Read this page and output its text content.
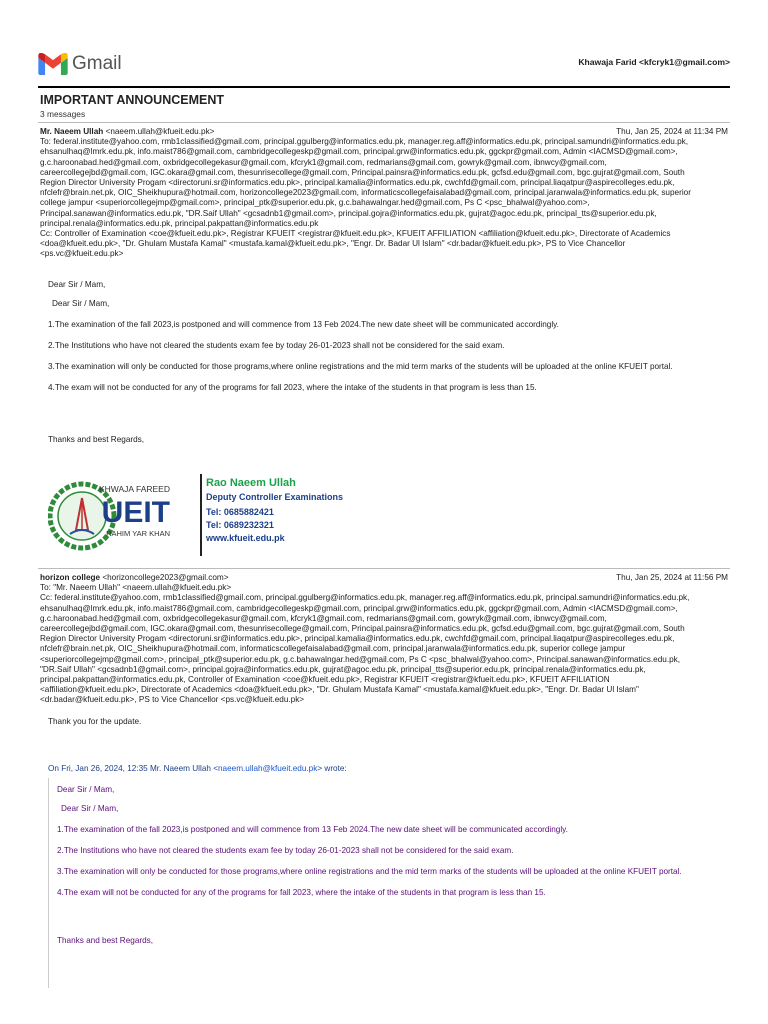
Gmail	Khawaja Farid <kfcryk1@gmail.com>
IMPORTANT ANNOUNCEMENT
3 messages
Mr. Naeem Ullah <naeem.ullah@kfueit.edu.pk>	Thu, Jan 25, 2024 at 11:34 PM
To: federal.institute@yahoo.com, rmb1classified@gmail.com, principal.ggulberg@informatics.edu.pk, manager.reg.aff@informatics.edu.pk, principal.samundri@informatics.edu.pk,
ehsanulhaq@lmrk.edu.pk, info.maist786@gmail.com, cambridgecollegeskp@gmail.com, principal.grw@informatics.edu.pk, ggckpr@gmail.com, Admin <IACMSD@gmail.com>,
g.c.haroonabad.hed@gmail.com, oxbridgecollegekasur@gmail.com, kfcryk1@gmail.com, redmarians@gmail.com, gowryk@gmail.com, ibnwcy@gmail.com,
careercollegejbd@gmail.com, IGC.okara@gmail.com, thesunrisecollege@gmail.com, Principal.painsra@informatics.edu.pk, gcfsd.edu@gmail.com, bgc.gujrat@gmail.com, South
Region Director University Progam <directoruni.sr@informatics.edu.pk>, principal.kamalia@informatics.edu.pk, cwchfd@gmail.com, principal.liaqatpur@aspirecolleges.edu.pk,
nfclefr@brain.net.pk, OIC_Sheikhupura@hotmail.com, horizoncollege2023@gmail.com, informaticscollegefaisalabad@gmail.com, principal.jaranwala@informatics.edu.pk, superior
college jampur <superiorcollegejmp@gmail.com>, principal_ptk@superior.edu.pk, g.c.bahawalngar.hed@gmail.com, Ps C <psc_bhalwal@yahoo.com>,
Principal.sanawan@informatics.edu.pk, "DR.Saif Ullah" <gcsadnb1@gmail.com>, principal.gojra@informatics.edu.pk, gujrat@agoc.edu.pk, principal_tts@superior.edu.pk,
principal.renala@informatics.edu.pk, principal.pakpattan@informatics.edu.pk
Cc: Controller of Examination <coe@kfueit.edu.pk>, Registrar KFUEIT <registrar@kfueit.edu.pk>, KFUEIT AFFILIATION <affiliation@kfueit.edu.pk>, Directorate of Academics
<doa@kfueit.edu.pk>, "Dr. Ghulam Mustafa Kamal" <mustafa.kamal@kfueit.edu.pk>, "Engr. Dr. Badar Ul Islam" <dr.badar@kfueit.edu.pk>, PS to Vice Chancellor
<ps.vc@kfueit.edu.pk>

Dear Sir / Mam,

Dear Sir / Mam,

1.The examination of the fall 2023,is postponed and will commence from 13 Feb 2024.The new date sheet will be communicated accordingly.

2.The Institutions who have not cleared the students exam fee by today 26-01-2023 shall not be considered for the said exam.

3.The examination will only be conducted for those programs,where online registrations and the mid term marks of the students will be uploaded at the online KFUEIT portal.

4.The exam will not be conducted for any of the programs for fall 2023, where the intake of the students in that program is less than 15.

Thanks and best Regards,

KHWAJA FAREED
UEIT
RAHIM YAR KHAN
Rao Naeem Ullah
Deputy Controller Examinations
Tel: 0685882421
Tel: 0689232321
www.kfueit.edu.pk
horizon college <horizoncollege2023@gmail.com>	Thu, Jan 25, 2024 at 11:56 PM
To: "Mr. Naeem Ullah" <naeem.ullah@kfueit.edu.pk>
Cc: federal.institute@yahoo.com, rmb1classified@gmail.com, principal.ggulberg@informatics.edu.pk, manager.reg.aff@informatics.edu.pk, principal.samundri@informatics.edu.pk,
ehsanulhaq@lmrk.edu.pk, info.maist786@gmail.com, cambridgecollegeskp@gmail.com, principal.grw@informatics.edu.pk, ggckpr@gmail.com, Admin <IACMSD@gmail.com>,
g.c.haroonabad.hed@gmail.com, oxbridgecollegekasur@gmail.com, kfcryk1@gmail.com, redmarians@gmail.com, gowryk@gmail.com, ibnwcy@gmail.com,
careercollegejbd@gmail.com, IGC.okara@gmail.com, thesunrisecollege@gmail.com, Principal.painsra@informatics.edu.pk, gcfsd.edu@gmail.com, bgc.gujrat@gmail.com, South
Region Director University Progam <directoruni.sr@informatics.edu.pk>, principal.kamalia@informatics.edu.pk, cwchfd@gmail.com, principal.liaqatpur@aspirecolleges.edu.pk,
nfclefr@brain.net.pk, OIC_Sheikhupura@hotmail.com, informaticscollegefaisalabad@gmail.com, principal.jaranwala@informatics.edu.pk, superior college jampur
<superiorcollegejmp@gmail.com>, principal_ptk@superior.edu.pk, g.c.bahawalngar.hed@gmail.com, Ps C <psc_bhalwal@yahoo.com>, Principal.sanawan@informatics.edu.pk,
"DR.Saif Ullah" <gcsadnb1@gmail.com>, principal.gojra@informatics.edu.pk, gujrat@agoc.edu.pk, principal_tts@superior.edu.pk, principal.renala@informatics.edu.pk,
principal.pakpattan@informatics.edu.pk, Controller of Examination <coe@kfueit.edu.pk>, Registrar KFUEIT <registrar@kfueit.edu.pk>, KFUEIT AFFILIATION
<affiliation@kfueit.edu.pk>, Directorate of Academics <doa@kfueit.edu.pk>, "Dr. Ghulam Mustafa Kamal" <mustafa.kamal@kfueit.edu.pk>, "Engr. Dr. Badar Ul Islam"
<dr.badar@kfueit.edu.pk>, PS to Vice Chancellor <ps.vc@kfueit.edu.pk>
Thank you for the update.
On Fri, Jan 26, 2024, 12:35 Mr. Naeem Ullah <naeem.ullah@kfueit.edu.pk> wrote:

Dear Sir / Mam,

Dear Sir / Mam,

1.The examination of the fall 2023,is postponed and will commence from 13 Feb 2024.The new date sheet will be communicated accordingly.

2.The Institutions who have not cleared the students exam fee by today 26-01-2023 shall not be considered for the said exam.

3.The examination will only be conducted for those programs,where online registrations and the mid term marks of the students will be uploaded at the online KFUEIT portal.

4.The exam will not be conducted for any of the programs for fall 2023, where the intake of the students in that program is less than 15.

Thanks and best Regards,
